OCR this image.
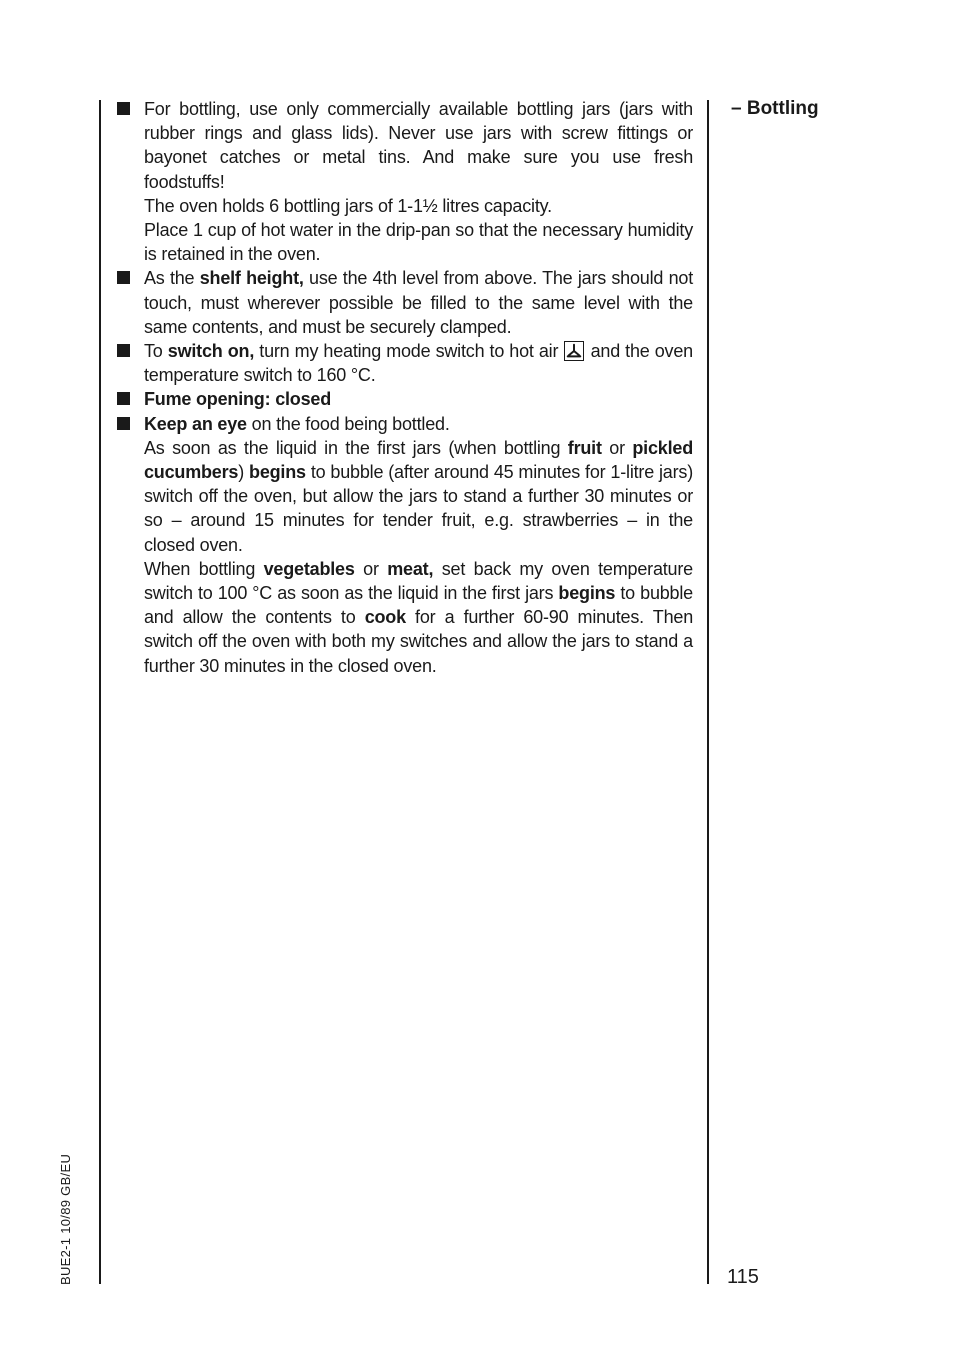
For bottling, use only commercially available bottling jars (jars with rubber rings and glass lids). Never use jars with screw fittings or bayonet catches or metal tins. And make sure you use fresh foodstuffs!
The oven holds 6 bottling jars of 1-1½ litres capacity.
Place 1 cup of hot water in the drip-pan so that the necessary humidity is retained in the oven.
As the shelf height, use the 4th level from above. The jars should not touch, must wherever possible be filled to the same level with the same contents, and must be securely clamped.
To switch on, turn my heating mode switch to hot air
and the oven temperature switch to 160 °C.
Fume opening: closed
Keep an eye on the food being bottled.
As soon as the liquid in the first jars (when bottling fruit or pickled cucumbers) begins to bubble (after around 45 minutes for 1-litre jars) switch off the oven, but allow the jars to stand a further 30 minutes or so – around 15 minutes for tender fruit, e.g. strawberries – in the closed oven.
When bottling vegetables or meat, set back my oven temperature switch to 100 °C as soon as the liquid in the first jars begins to bubble and allow the contents to cook for a further 60-90 minutes. Then switch off the oven with both my switches and allow the jars to stand a further 30 minutes in the closed oven.
– Bottling
BUE2-1 10/89 GB/EU	115
